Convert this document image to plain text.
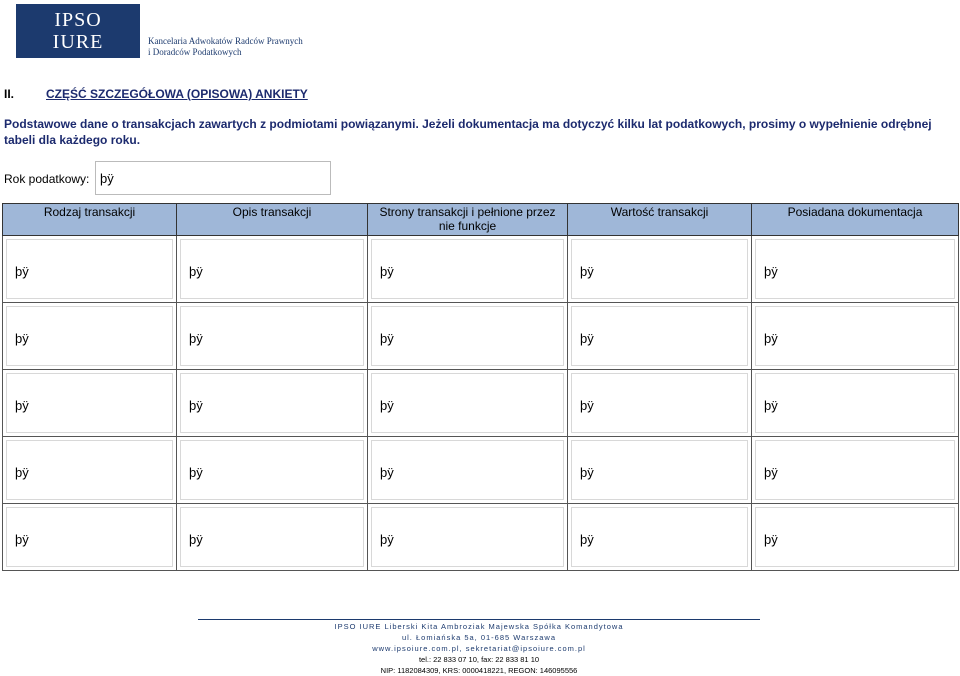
IPSO
IURE	Kancelaria Adwokatów Radców Prawnych
i Doradców Podatkowych
II.	CZĘŚĆ SZCZEGÓŁOWA (OPISOWA) ANKIETY
Podstawowe dane o transakcjach zawartych z podmiotami powiązanymi. Jeżeli dokumentacja ma dotyczyć kilku lat podatkowych, prosimy o wypełnienie odrębnej tabeli dla każdego roku.
Rok podatkowy: þÿ
Rodzaj transakcji	Opis transakcji	Strony transakcji i pełnione przez nie funkcje	Wartość transakcji	Posiadana dokumentacja

þÿ	þÿ	þÿ	þÿ	þÿ

þÿ	þÿ	þÿ	þÿ	þÿ

þÿ	þÿ	þÿ	þÿ	þÿ

þÿ	þÿ	þÿ	þÿ	þÿ

þÿ	þÿ	þÿ	þÿ	þÿ
IPSO IURE Liberski Kita Ambroziak Majewska Spółka Komandytowa
ul. Łomiańska 5a, 01-685 Warszawa
www.ipsoiure.com.pl, sekretariat@ipsoiure.com.pl
tel.: 22 833 07 10, fax: 22 833 81 10
NIP: 1182084309, KRS: 0000418221, REGON: 146095556
